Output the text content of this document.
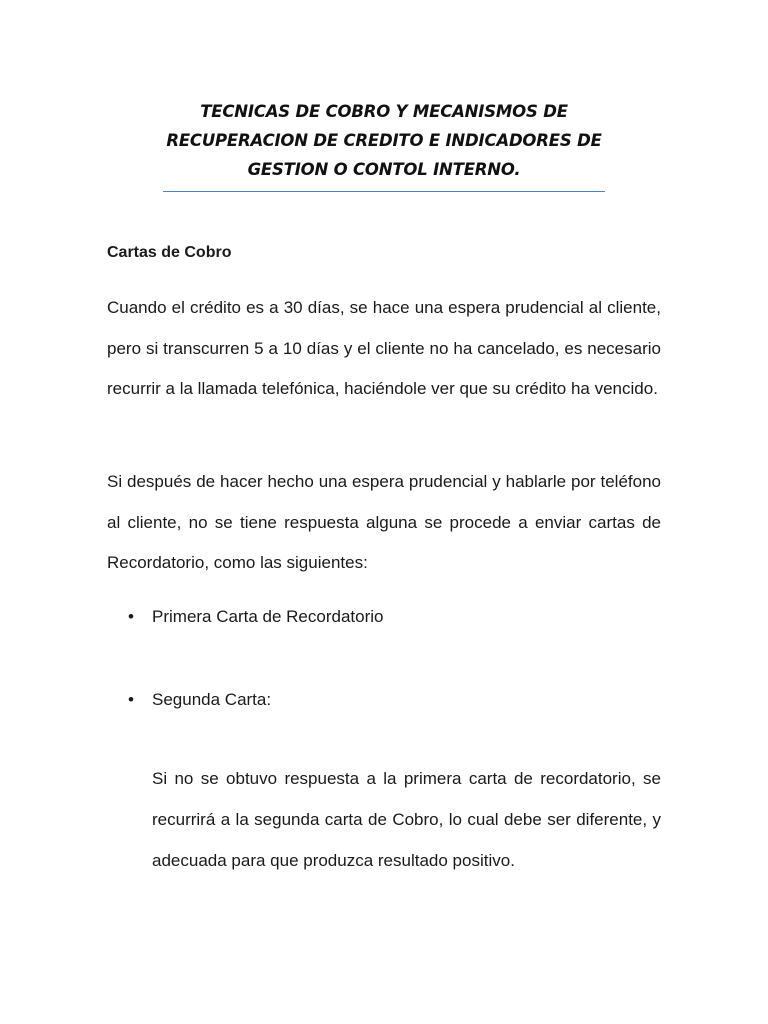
TECNICAS DE COBRO Y MECANISMOS DE
RECUPERACION DE CREDITO E INDICADORES DE
GESTION O CONTOL INTERNO.
Cartas de Cobro

Cuando el crédito es a 30 días, se hace una espera prudencial al cliente, pero si transcurren 5 a 10 días y el cliente no ha cancelado, es necesario recurrir a la llamada telefónica, haciéndole ver que su crédito ha vencido.

Si después de hacer hecho una espera prudencial y hablarle por teléfono al cliente, no se tiene respuesta alguna se procede a enviar cartas de Recordatorio, como las siguientes:

• Primera Carta de Recordatorio
• Segunda Carta:

Si no se obtuvo respuesta a la primera carta de recordatorio, se recurrirá a la segunda carta de Cobro, lo cual debe ser diferente, y adecuada para que produzca resultado positivo.
